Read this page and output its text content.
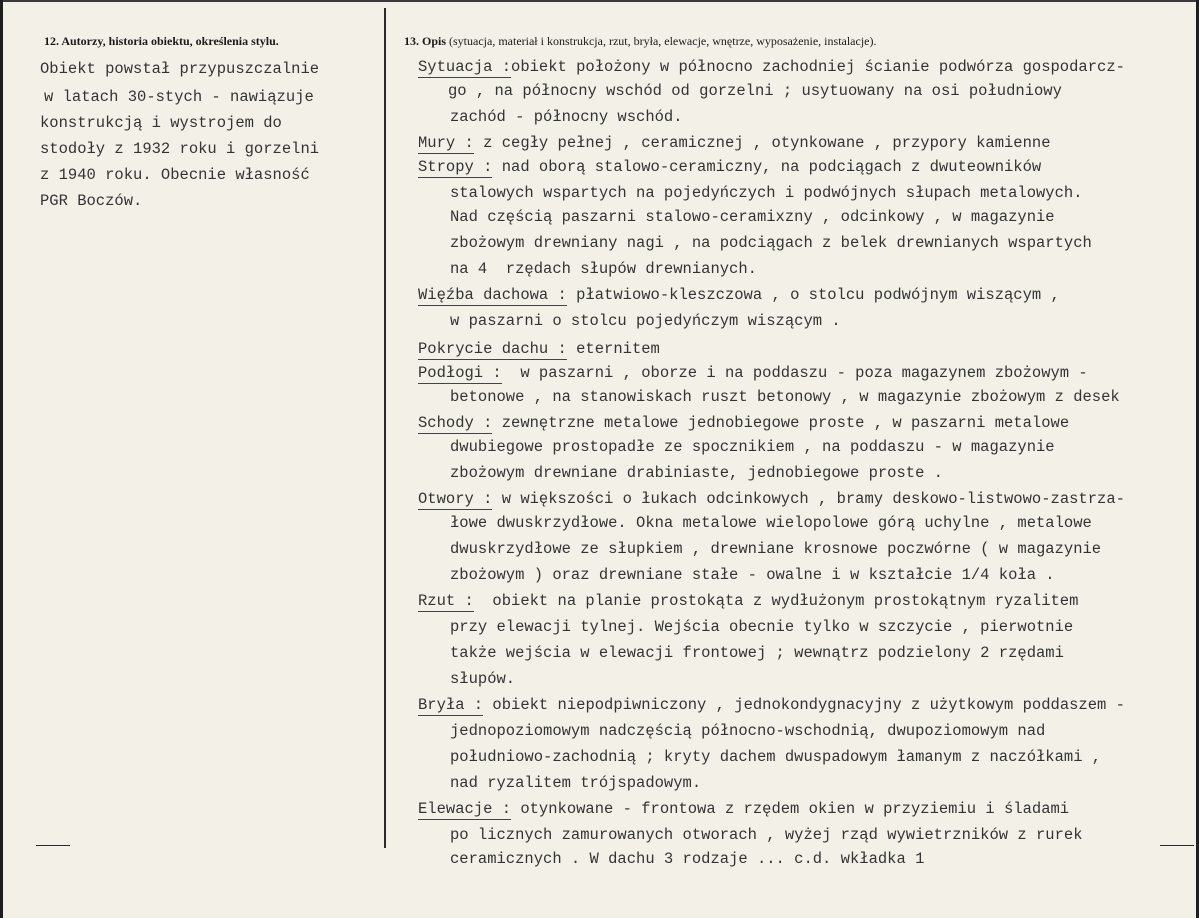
12. Autorzy, historia obiektu, określenia stylu.	13. Opis (sytuacja, materiał i konstrukcja, rzut, bryła, elewacje, wnętrze, wyposażenie, instalacje).
Obiekt powstał przypuszczalnie
w latach 30-stych - nawiązuje
konstrukcją i wystrojem do
stodoły z 1932 roku i gorzelni
z 1940 roku. Obecnie własność
PGR Boczów.
Sytuacja :obiekt położony w północno zachodniej ścianie podwórza gospodarcz-
go , na północny wschód od gorzelni ; usytuowany na osi południowy
zachód - północny wschód.
Mury : z cegły pełnej , ceramicznej , otynkowane , przypory kamienne
Stropy : nad oborą stalowo-ceramiczny, na podciągach z dwuteowników
stalowych wspartych na pojedyńczych i podwójnych słupach metalowych.
Nad częścią paszarni stalowo-ceramixzny , odcinkowy , w magazynie
zbożowym drewniany nagi , na podciągach z belek drewnianych wspartych
na 4  rzędach słupów drewnianych.
Więźba dachowa : płatwiowo-kleszczowa , o stolcu podwójnym wiszącym ,
w paszarni o stolcu pojedyńczym wiszącym .
Pokrycie dachu : eternitem
Podłogi :  w paszarni , oborze i na poddaszu - poza magazynem zbożowym -
betonowe , na stanowiskach ruszt betonowy , w magazynie zbożowym z desek
Schody : zewnętrzne metalowe jednobiegowe proste , w paszarni metalowe
dwubiegowe prostopadłe ze spocznikiem , na poddaszu - w magazynie
zbożowym drewniane drabiniaste, jednobiegowe proste .
Otwory : w większości o łukach odcinkowych , bramy deskowo-listwowo-zastrza-
łowe dwuskrzydłowe. Okna metalowe wielopolowe górą uchylne , metalowe
dwuskrzydłowe ze słupkiem , drewniane krosnowe poczwórne ( w magazynie
zbożowym ) oraz drewniane stałe - owalne i w kształcie 1/4 koła .
Rzut :  obiekt na planie prostokąta z wydłużonym prostokątnym ryzalitem
przy elewacji tylnej. Wejścia obecnie tylko w szczycie , pierwotnie
także wejścia w elewacji frontowej ; wewnątrz podzielony 2 rzędami
słupów.
Bryła : obiekt niepodpiwniczony , jednokondygnacyjny z użytkowym poddaszem -
jednopoziomowym nadczęścią północno-wschodnią, dwupoziomowym nad
południowo-zachodnią ; kryty dachem dwuspadowym łamanym z naczółkami ,
nad ryzalitem trójspadowym.
Elewacje : otynkowane - frontowa z rzędem okien w przyziemiu i śladami
po licznych zamurowanych otworach , wyżej rząd wywietrzników z rurek
ceramicznych . W dachu 3 rodzaje ... c.d. wkładka 1
